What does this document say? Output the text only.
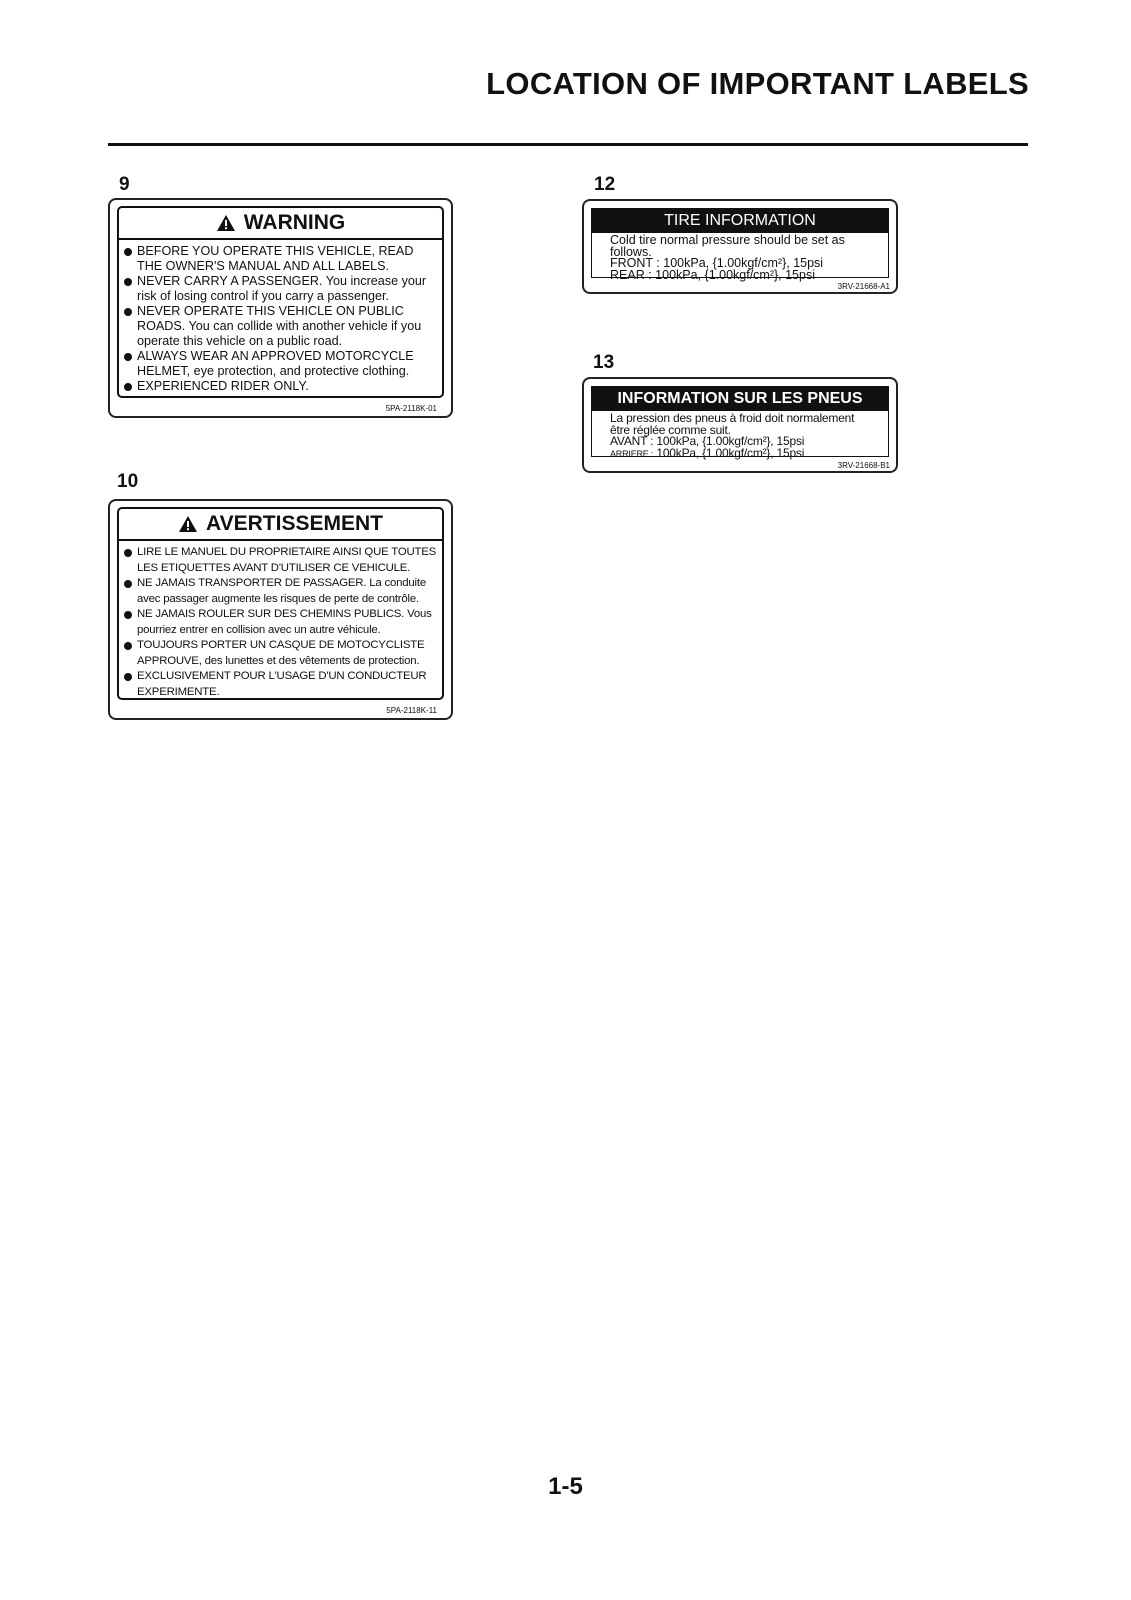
LOCATION OF IMPORTANT LABELS
9
WARNING
BEFORE YOU OPERATE THIS VEHICLE, READ THE OWNER'S MANUAL AND ALL LABELS.
NEVER CARRY A PASSENGER. You increase your risk of losing control if you carry a passenger.
NEVER OPERATE THIS VEHICLE ON PUBLIC ROADS. You can collide with another vehicle if you operate this vehicle on a public road.
ALWAYS WEAR AN APPROVED MOTORCYCLE HELMET, eye protection, and protective clothing.
EXPERIENCED RIDER ONLY.
5PA-2118K-01
10
AVERTISSEMENT
LIRE LE MANUEL DU PROPRIETAIRE AINSI QUE TOUTES LES ETIQUETTES AVANT D'UTILISER CE VEHICULE.
NE JAMAIS TRANSPORTER DE PASSAGER. La conduite avec passager augmente les risques de perte de contrôle.
NE JAMAIS ROULER SUR DES CHEMINS PUBLICS. Vous pourriez entrer en collision avec un autre véhicule.
TOUJOURS PORTER UN CASQUE DE MOTOCYCLISTE APPROUVE, des lunettes et des vêtements de protection.
EXCLUSIVEMENT POUR L'USAGE D'UN CONDUCTEUR EXPERIMENTE.
5PA-2118K-11
12
TIRE INFORMATION
Cold tire normal pressure should be set as
follows.
FRONT : 100kPa, {1.00kgf/cm²}, 15psi
REAR : 100kPa, {1.00kgf/cm²}, 15psi
3RV-21668-A1
13
INFORMATION SUR LES PNEUS
La pression des pneus à froid doit normalement
être réglée comme suit.
AVANT : 100kPa, {1.00kgf/cm²}, 15psi
ARRIERE : 100kPa, {1.00kgf/cm²}, 15psi
3RV-21668-B1
1-5
